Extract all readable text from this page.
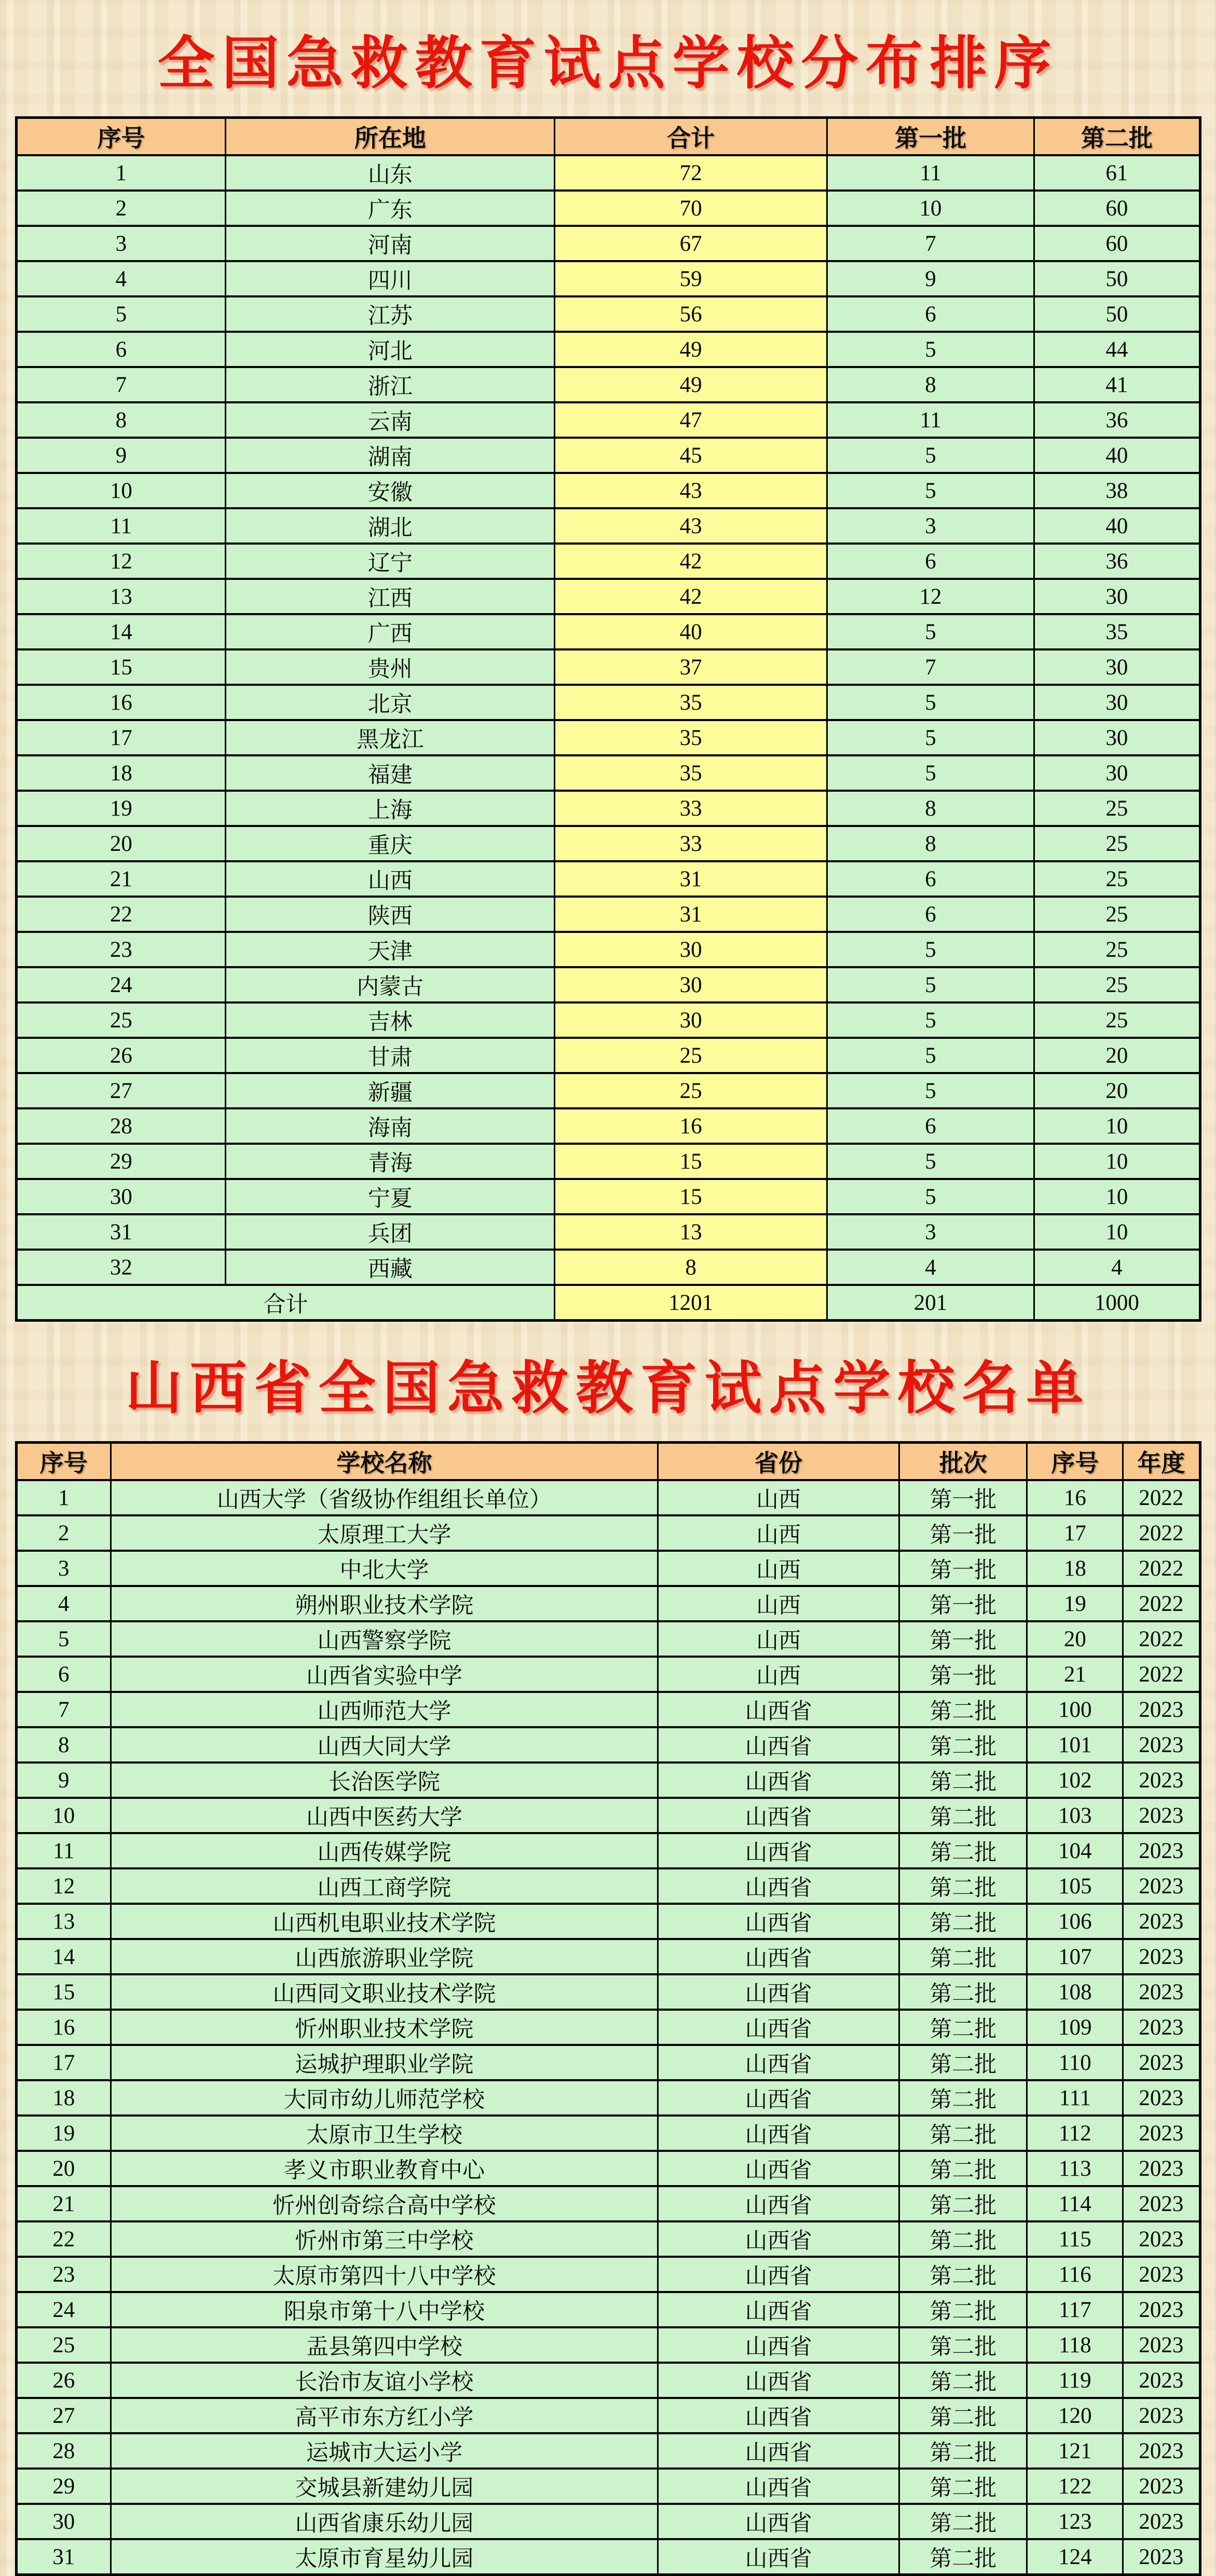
全国急救教育试点学校分布排序
序号	所在地	合计	第一批	第二批
1	山东	72	11	61
2	广东	70	10	60
3	河南	67	7	60
4	四川	59	9	50
5	江苏	56	6	50
6	河北	49	5	44
7	浙江	49	8	41
8	云南	47	11	36
9	湖南	45	5	40
10	安徽	43	5	38
11	湖北	43	3	40
12	辽宁	42	6	36
13	江西	42	12	30
14	广西	40	5	35
15	贵州	37	7	30
16	北京	35	5	30
17	黑龙江	35	5	30
18	福建	35	5	30
19	上海	33	8	25
20	重庆	33	8	25
21	山西	31	6	25
22	陕西	31	6	25
23	天津	30	5	25
24	内蒙古	30	5	25
25	吉林	30	5	25
26	甘肃	25	5	20
27	新疆	25	5	20
28	海南	16	6	10
29	青海	15	5	10
30	宁夏	15	5	10
31	兵团	13	3	10
32	西藏	8	4	4
合计		1201	201	1000
山西省全国急救教育试点学校名单
序号	学校名称	省份	批次	序号	年度
1	山西大学（省级协作组组长单位）	山西	第一批	16	2022
2	太原理工大学	山西	第一批	17	2022
3	中北大学	山西	第一批	18	2022
4	朔州职业技术学院	山西	第一批	19	2022
5	山西警察学院	山西	第一批	20	2022
6	山西省实验中学	山西	第一批	21	2022
7	山西师范大学	山西省	第二批	100	2023
8	山西大同大学	山西省	第二批	101	2023
9	长治医学院	山西省	第二批	102	2023
10	山西中医药大学	山西省	第二批	103	2023
11	山西传媒学院	山西省	第二批	104	2023
12	山西工商学院	山西省	第二批	105	2023
13	山西机电职业技术学院	山西省	第二批	106	2023
14	山西旅游职业学院	山西省	第二批	107	2023
15	山西同文职业技术学院	山西省	第二批	108	2023
16	忻州职业技术学院	山西省	第二批	109	2023
17	运城护理职业学院	山西省	第二批	110	2023
18	大同市幼儿师范学校	山西省	第二批	111	2023
19	太原市卫生学校	山西省	第二批	112	2023
20	孝义市职业教育中心	山西省	第二批	113	2023
21	忻州创奇综合高中学校	山西省	第二批	114	2023
22	忻州市第三中学校	山西省	第二批	115	2023
23	太原市第四十八中学校	山西省	第二批	116	2023
24	阳泉市第十八中学校	山西省	第二批	117	2023
25	盂县第四中学校	山西省	第二批	118	2023
26	长治市友谊小学校	山西省	第二批	119	2023
27	高平市东方红小学	山西省	第二批	120	2023
28	运城市大运小学	山西省	第二批	121	2023
29	交城县新建幼儿园	山西省	第二批	122	2023
30	山西省康乐幼儿园	山西省	第二批	123	2023
31	太原市育星幼儿园	山西省	第二批	124	2023
